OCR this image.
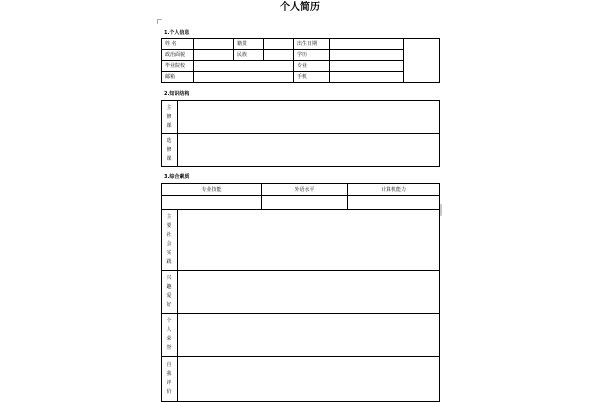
个人简历
1.个人信息
姓 名		籍贯		出生日期		
政治面貌		民族		学历		
毕业院校				专业		
邮箱				手机		
2.知识结构
主修课	
选修课	
3.综合素质
专业技能	外语水平	计算机能力

主要社会实践	
兴趣爱好	
个人荣誉	
自我评价	
